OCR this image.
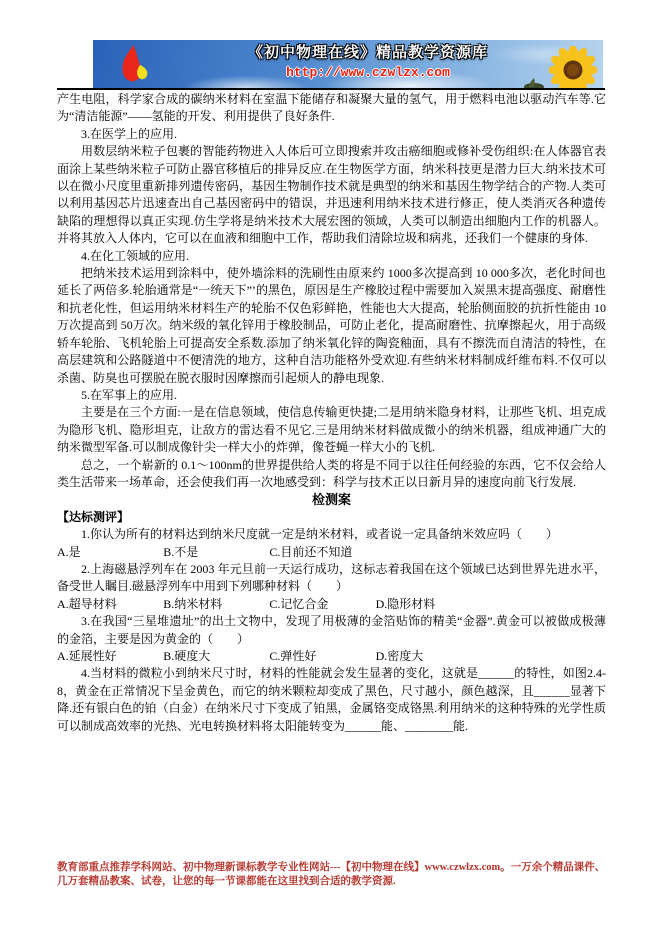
《初中物理在线》精品教学资源库
http://www.czwlzx.com

产生电阻，科学家合成的碳纳米材料在室温下能储存和凝聚大量的氢气，用于燃料电池以驱动汽车等.它为“清洁能源”——氢能的开发、利用提供了良好条件.

3.在医学上的应用.

用数层纳米粒子包裹的智能药物进入人体后可立即搜索并攻击癌细胞或修补受伤组织:在人体器官表面涂上某些纳米粒子可防止器官移植后的排异反应.在生物医学方面，纳米科技更是潜力巨大.纳米技术可以在微小尺度里重新排列遗传密码，基因生物制作技术就是典型的纳米和基因生物学结合的产物.人类可以利用基因芯片迅速查出自己基因密码中的错误，并迅速利用纳米技术进行修正，使人类消灭各种遗传缺陷的理想得以真正实现.仿生学将是纳米技术大展宏图的领域，人类可以制造出细胞内工作的机器人。并将其放入人体内，它可以在血液和细胞中工作，帮助我们清除垃圾和病兆，还我们一个健康的身体.

4.在化工领域的应用.

把纳米技术运用到涂料中，使外墙涂料的洗刷性由原来约 1000多次提高到 10 000多次，老化时间也延长了两倍多.轮胎通常是“一统天下”’的黑色，原因是生产橡胶过程中需要加入炭黑末提高强度、耐磨性和抗老化性，但运用纳米材料生产的轮胎不仅色彩鲜艳，性能也大大提高，轮胎侧面胶的抗折性能由 10万次提高到 50万次。纳米级的氧化锌用于橡胶制品，可防止老化，提高耐磨性、抗摩擦起火，用于高级轿车轮胎、飞机轮胎上可提高安全系数.添加了纳米氧化锌的陶瓷釉面，具有不擦洗而自清洁的特性，在高层建筑和公路隧道中不便清洗的地方，这种自洁功能格外受欢迎.有些纳米材料制成纤维布料.不仅可以杀菌、防臭也可摆脱在脱衣服时因摩擦而引起烦人的静电现象.

5.在军事上的应用.

主要是在三个方面:一是在信息领域，使信息传输更快捷;二是用纳米隐身材料，让那些飞机、坦克成为隐形飞机、隐形坦克，让敌方的雷达看不见它.三是用纳米材料做成微小的纳米机器，组成神通广大的纳米微型军备.可以制成像针尖一样大小的炸弹，像苍蝇一样大小的飞机.

总之，一个崭新的 0.1～100nm的世界提供给人类的将是不同于以往任何经验的东西，它不仅会给人类生活带来一场革命，还会使我们再一次地感受到：科学与技术正以日新月异的速度向前飞行发展.

检测案

【达标测评】

1.你认为所有的材料达到纳米尺度就一定是纳米材料，或者说一定具备纳米效应吗（　　）

A.是	B.不是	C.目前还不知道

2.上海磁悬浮列车在 2003 年元旦前一天运行成功，这标志着我国在这个领域已达到世界先进水平，备受世人瞩目.磁悬浮列车中用到下列哪种材料（　　）

A.超导材料	B.纳米材料	C.记忆合金	D.隐形材料

3.在我国“三星堆遗址”的出土文物中，发现了用极薄的金箔贴饰的精美“金器”.黄金可以被做成极薄的金箔，主要是因为黄金的（　　）

A.延展性好	B.硬度大	C.弹性好	D.密度大

4.当材料的微粒小到纳米尺寸时，材料的性能就会发生显著的变化，这就是______的特性，如图2.4-8，黄金在正常情况下呈金黄色，而它的纳米颗粒却变成了黑色，尺寸越小，颜色越深，且______显著下降.还有银白色的铂（白金）在纳米尺寸下变成了铂黑，金属铬变成铬黑.利用纳米的这种特殊的光学性质可以制成高效率的光热、光电转换材料将太阳能转变为______能、________能.

教育部重点推荐学科网站、初中物理新课标教学专业性网站---【初中物理在线】www.czwlzx.com。一万余个精品课件、
几万套精品教案、试卷，让您的每一节课都能在这里找到合适的教学资源.
